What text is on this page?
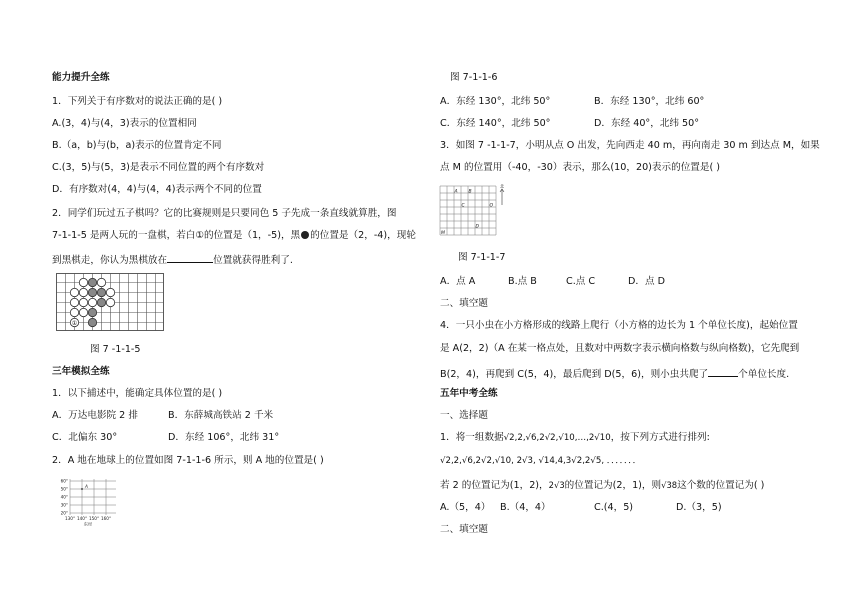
能力提升全练
1．下列关于有序数对的说法正确的是( )
A.(3，4)与(4，3)表示的位置相同
B.（a，b)与(b，a)表示的位置肯定不同
C.(3，5)与(5，3)是表示不同位置的两个有序数对
D．有序数对(4，4)与(4，4)表示两个不同的位置
2．同学们玩过五子棋吗？它的比赛规则是只要同色 5 子先成一条直线就算胜，图
7-1-1-5 是两人玩的一盘棋，若白①的位置是（1，-5)，黑 的位置是（2，-4)，现轮
到黑棋走，你认为黑棋放在	位置就获得胜利了.
①
图 7 -1-1-5
三年模拟全练
1．以下捕述中，能确定具体位置的是( )
A．万达电影院 2 排	B．东薛城高铁站 2 千米
C．北偏东 30°	D．东经 106°，北纬 31°
2．A 地在地球上的位置如图 7-1-1-6 所示，则 A 地的位置是( )
60°
50°
40°
30°
20°
130° 140° 150° 160°
东经
A
图 7-1-1-6
A．东经 130°，北纬 50°	B．东经 130°，北纬 60°
C．东经 140°，北纬 50°	D．东经 40°，北纬 50°
3．如图 7 -1-1-7，小明从点 O 出发，先向西走 40 m，再向南走 30 m 到达点 M，如果
点 M 的位置用（-40，-30）表示，那么(10，20)表示的位置是( )
A B
C
D
O
M
北
图 7-1-1-7
A．点 A	B.点 B	C.点 C	D．点 D
二、填空题
4．一只小虫在小方格形成的线路上爬行（小方格的边长为 1 个单位长度)，起始位置
是 A(2，2)（A 在某一格点处，且数对中两数字表示横向格数与纵向格数)，它先爬到
B(2，4)，再爬到 C(5，4)，最后爬到 D(5，6)，则小虫共爬了	个单位长度.
五年中考全练
一、选择题
1．将一组数据√2,2,√6,2√2,√10,…,2√10，按下列方式进行排列:
√2,2,√6,2√2,√10, 2√3, √14,4,3√2,2√5, ．．．．．．．
若 2 的位置记为(1，2)，2√3的位置记为(2，1)，则√38这个数的位置记为( )
A.（5，4） B.（4，4）	C.(4，5)	D.（3，5)
二、填空题
